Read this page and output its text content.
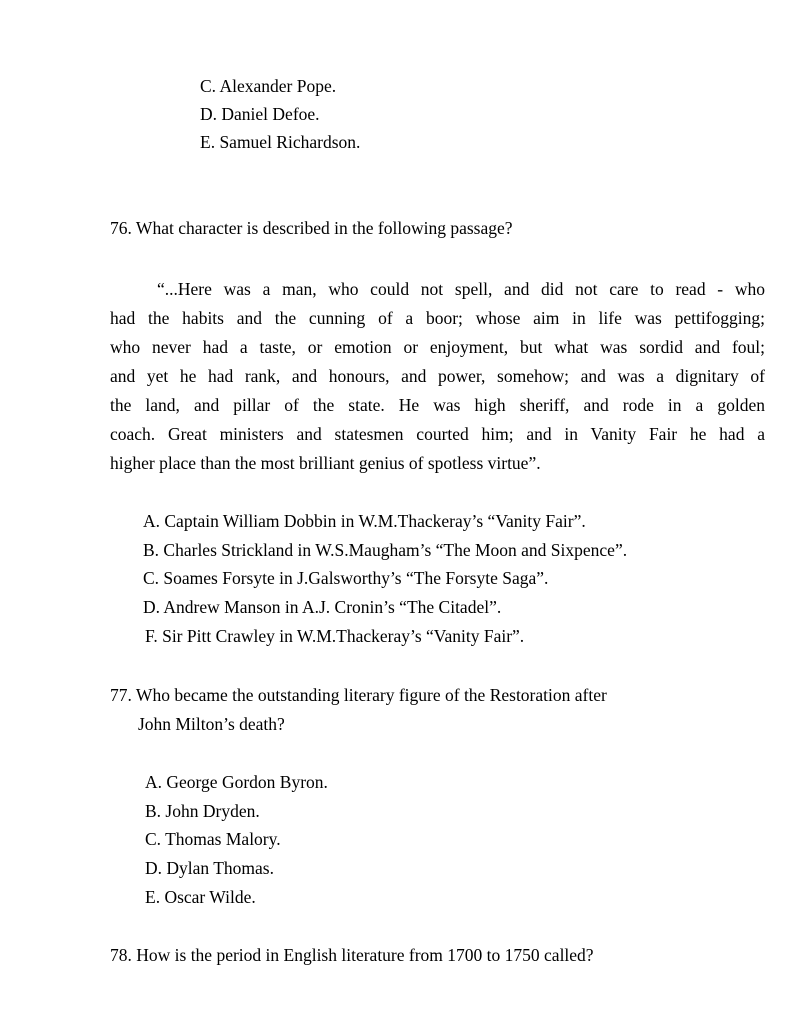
C. Alexander Pope.
D. Daniel Defoe.
E. Samuel Richardson.
76. What character is described in the following passage?
“...Here was a man, who could not spell, and did not care to read - who
had the habits and the cunning of a boor; whose aim in life was pettifogging;
who never had a taste, or emotion or enjoyment, but what was sordid and foul;
and yet he had rank, and honours, and power, somehow; and was a dignitary of
the land, and pillar of the state. He was high sheriff, and rode in a golden
coach. Great ministers and statesmen courted him; and in Vanity Fair he had a
higher place than the most brilliant genius of spotless virtue”.
A. Captain William Dobbin in W.M.Thackeray’s “Vanity Fair”.
B. Charles Strickland in W.S.Maugham’s “The Moon and Sixpence”.
C. Soames Forsyte in J.Galsworthy’s “The Forsyte Saga”.
D. Andrew Manson in A.J. Cronin’s “The Citadel”.
F. Sir Pitt Crawley in W.M.Thackeray’s “Vanity Fair”.
77. Who became the outstanding literary figure of the Restoration after
John Milton’s death?
A. George Gordon Byron.
B. John Dryden.
C. Thomas Malory.
D. Dylan Thomas.
E. Oscar Wilde.
78. How is the period in English literature from 1700 to 1750 called?
